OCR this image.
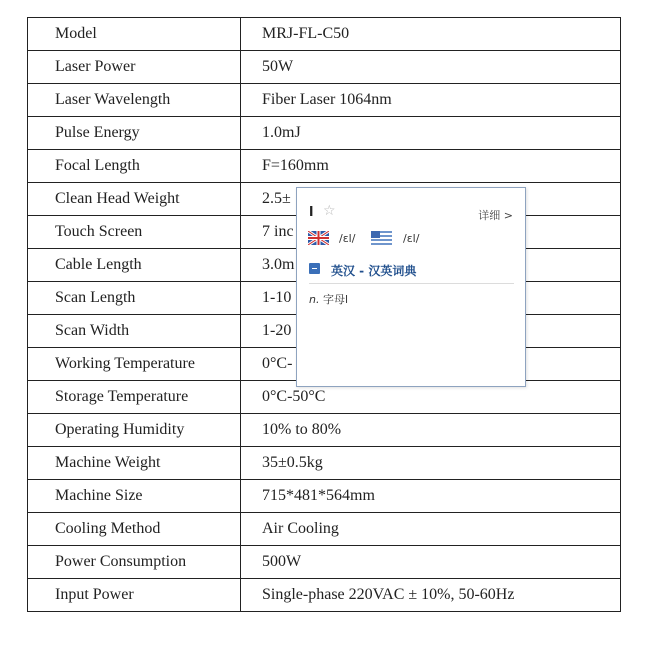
Model	MRJ-FL-C50
Laser Power	50W
Laser Wavelength	Fiber Laser 1064nm
Pulse Energy	1.0mJ
Focal Length	F=160mm
Clean Head Weight	2.5±
Touch Screen	7 inc
Cable Length	3.0m
Scan Length	1-10
Scan Width	1-20
Working Temperature	0°C-
Storage Temperature	0°C-50°C
Operating Humidity	10% to 80%
Machine Weight	35±0.5kg
Machine Size	715*481*564mm
Cooling Method	Air Cooling
Power Consumption	500W
Input Power	Single-phase 220VAC ± 10%, 50-60Hz
l ☆	详细 >
/ɛl/	/ɛl/
英汉 - 汉英词典
n. 字母l
